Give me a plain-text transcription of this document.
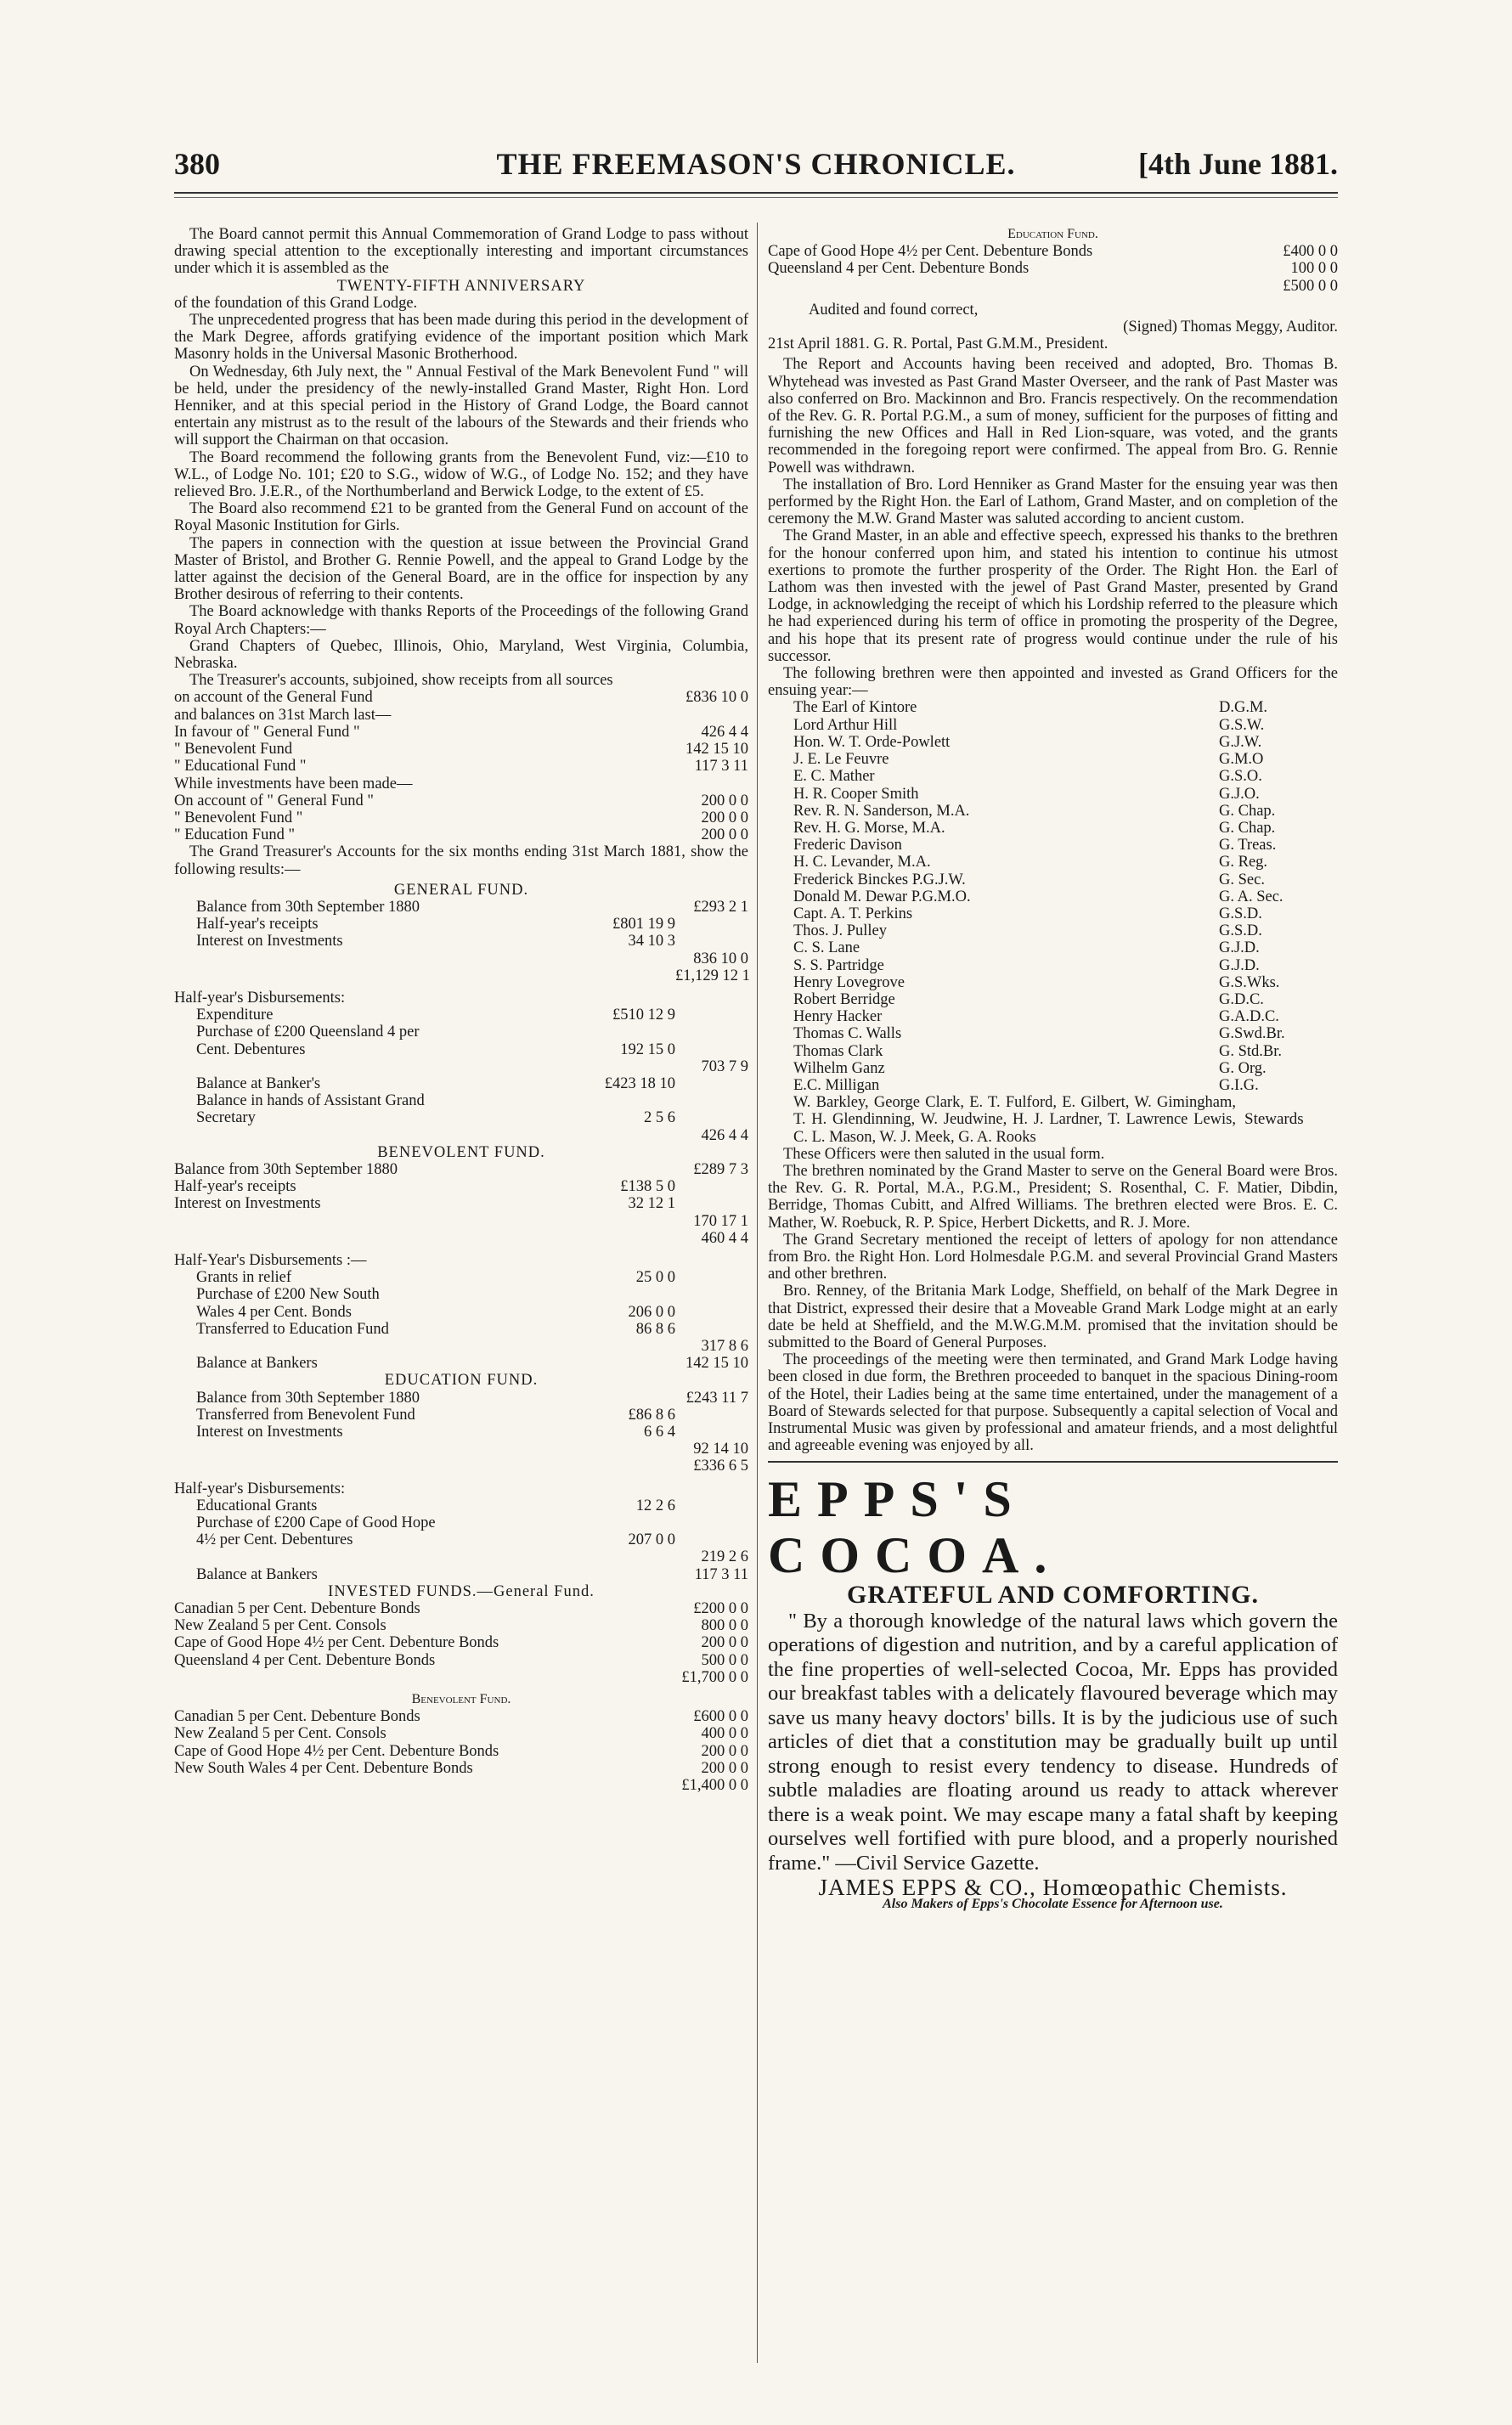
380	THE FREEMASON'S CHRONICLE.	[4th June 1881.

The Board cannot permit this Annual Commemoration of Grand Lodge to pass without drawing special attention to the exceptionally interesting and important circumstances under which it is assembled as the

TWENTY-FIFTH ANNIVERSARY

of the foundation of this Grand Lodge.

The unprecedented progress that has been made during this period in the development of the Mark Degree, affords gratifying evidence of the important position which Mark Masonry holds in the Universal Masonic Brotherhood.

On Wednesday, 6th July next, the " Annual Festival of the Mark Benevolent Fund " will be held, under the presidency of the newly-installed Grand Master, Right Hon. Lord Henniker, and at this special period in the History of Grand Lodge, the Board cannot entertain any mistrust as to the result of the labours of the Stewards and their friends who will support the Chairman on that occasion.

The Board recommend the following grants from the Benevolent Fund, viz:—£10 to W.L., of Lodge No. 101; £20 to S.G., widow of W.G., of Lodge No. 152; and they have relieved Bro. J.E.R., of the Northumberland and Berwick Lodge, to the extent of £5.

The Board also recommend £21 to be granted from the General Fund on account of the Royal Masonic Institution for Girls.

The papers in connection with the question at issue between the Provincial Grand Master of Bristol, and Brother G. Rennie Powell, and the appeal to Grand Lodge by the latter against the decision of the General Board, are in the office for inspection by any Brother desirous of referring to their contents.

The Board acknowledge with thanks Reports of the Proceedings of the following Grand Royal Arch Chapters:—

Grand Chapters of Quebec, Illinois, Ohio, Maryland, West Virginia, Columbia, Nebraska.

The Treasurer's accounts, subjoined, show receipts from all sources

on account of the General Fund	£836 10 0
and balances on 31st March last—
In favour of " General Fund "	426 4 4
" Benevolent Fund	142 15 10
" Educational Fund "	117 3 11
While investments have been made—
On account of " General Fund "	200 0 0
" Benevolent Fund "	200 0 0
" Education Fund "	200 0 0

The Grand Treasurer's Accounts for the six months ending 31st March 1881, show the following results:—

GENERAL FUND.

Balance from 30th September 1880	£293 2 1
Half-year's receipts	£801 19 9
Interest on Investments	34 10 3
836 10 0
£1,129 12 1

Half-year's Disbursements:

Expenditure	£510 12 9
Purchase of £200 Queensland 4 per
Cent. Debentures	192 15 0
703 7 9
Balance at Banker's	£423 18 10
Balance in hands of Assistant Grand
Secretary	2 5 6
426 4 4

BENEVOLENT FUND.

Balance from 30th September 1880	£289 7 3
Half-year's receipts	£138 5 0
Interest on Investments	32 12 1
170 17 1
460 4 4

Half-Year's Disbursements :—

Grants in relief	25 0 0
Purchase of £200 New South
Wales 4 per Cent. Bonds	206 0 0
Transferred to Education Fund	86 8 6
317 8 6
Balance at Bankers	142 15 10

EDUCATION FUND.

Balance from 30th September 1880	£243 11 7
Transferred from Benevolent Fund	£86 8 6
Interest on Investments	6 6 4
92 14 10
£336 6 5

Half-year's Disbursements:

Educational Grants	12 2 6
Purchase of £200 Cape of Good Hope
4½ per Cent. Debentures	207 0 0
219 2 6
Balance at Bankers	117 3 11

INVESTED FUNDS.—General Fund.

Canadian 5 per Cent. Debenture Bonds	£200 0 0
New Zealand 5 per Cent. Consols	800 0 0
Cape of Good Hope 4½ per Cent. Debenture Bonds	200 0 0
Queensland 4 per Cent. Debenture Bonds	500 0 0
£1,700 0 0

Benevolent Fund.

Canadian 5 per Cent. Debenture Bonds	£600 0 0
New Zealand 5 per Cent. Consols	400 0 0
Cape of Good Hope 4½ per Cent. Debenture Bonds	200 0 0
New South Wales 4 per Cent. Debenture Bonds	200 0 0
£1,400 0 0

Education Fund.

Cape of Good Hope 4½ per Cent. Debenture Bonds	£400 0 0
Queensland 4 per Cent. Debenture Bonds	100 0 0
£500 0 0

Audited and found correct,

(Signed) Thomas Meggy, Auditor.

21st April 1881. G. R. Portal, Past G.M.M., President.

The Report and Accounts having been received and adopted, Bro. Thomas B. Whytehead was invested as Past Grand Master Overseer, and the rank of Past Master was also conferred on Bro. Mackinnon and Bro. Francis respectively. On the recommendation of the Rev. G. R. Portal P.G.M., a sum of money, sufficient for the purposes of fitting and furnishing the new Offices and Hall in Red Lion-square, was voted, and the grants recommended in the foregoing report were confirmed. The appeal from Bro. G. Rennie Powell was withdrawn.

The installation of Bro. Lord Henniker as Grand Master for the ensuing year was then performed by the Right Hon. the Earl of Lathom, Grand Master, and on completion of the ceremony the M.W. Grand Master was saluted according to ancient custom.

The Grand Master, in an able and effective speech, expressed his thanks to the brethren for the honour conferred upon him, and stated his intention to continue his utmost exertions to promote the further prosperity of the Order. The Right Hon. the Earl of Lathom was then invested with the jewel of Past Grand Master, presented by Grand Lodge, in acknowledging the receipt of which his Lordship referred to the pleasure which he had experienced during his term of office in promoting the prosperity of the Degree, and his hope that its present rate of progress would continue under the rule of his successor.

The following brethren were then appointed and invested as Grand Officers for the ensuing year:—

The Earl of Kintore	D.G.M.
Lord Arthur Hill	G.S.W.
Hon. W. T. Orde-Powlett	G.J.W.
J. E. Le Feuvre	G.M.O
E. C. Mather	G.S.O.
H. R. Cooper Smith	G.J.O.
Rev. R. N. Sanderson, M.A.	G. Chap.
Rev. H. G. Morse, M.A.	G. Chap.
Frederic Davison	G. Treas.
H. C. Levander, M.A.	G. Reg.
Frederick Binckes P.G.J.W.	G. Sec.
Donald M. Dewar P.G.M.O.	G. A. Sec.
Capt. A. T. Perkins	G.S.D.
Thos. J. Pulley	G.S.D.
C. S. Lane	G.J.D.
S. S. Partridge	G.J.D.
Henry Lovegrove	G.S.Wks.
Robert Berridge	G.D.C.
Henry Hacker	G.A.D.C.
Thomas C. Walls	G.Swd.Br.
Thomas Clark	G. Std.Br.
Wilhelm Ganz	G. Org.
E.C. Milligan	G.I.G.

W. Barkley, George Clark, E. T. Fulford, E. Gilbert, W. Gimingham, T. H. Glendinning, W. Jeudwine, H. J. Lardner, T. Lawrence Lewis, C. L. Mason, W. J. Meek, G. A. Rooks

Stewards

These Officers were then saluted in the usual form.

The brethren nominated by the Grand Master to serve on the General Board were Bros. the Rev. G. R. Portal, M.A., P.G.M., President; S. Rosenthal, C. F. Matier, Dibdin, Berridge, Thomas Cubitt, and Alfred Williams. The brethren elected were Bros. E. C. Mather, W. Roebuck, R. P. Spice, Herbert Dicketts, and R. J. More.

The Grand Secretary mentioned the receipt of letters of apology for non attendance from Bro. the Right Hon. Lord Holmesdale P.G.M. and several Provincial Grand Masters and other brethren.

Bro. Renney, of the Britania Mark Lodge, Sheffield, on behalf of the Mark Degree in that District, expressed their desire that a Moveable Grand Mark Lodge might at an early date be held at Sheffield, and the M.W.G.M.M. promised that the invitation should be submitted to the Board of General Purposes.

The proceedings of the meeting were then terminated, and Grand Mark Lodge having been closed in due form, the Brethren proceeded to banquet in the spacious Dining-room of the Hotel, their Ladies being at the same time entertained, under the management of a Board of Stewards selected for that purpose. Subsequently a capital selection of Vocal and Instrumental Music was given by professional and amateur friends, and a most delightful and agreeable evening was enjoyed by all.

EPPS'S COCOA.
GRATEFUL AND COMFORTING.

" By a thorough knowledge of the natural laws which govern the operations of digestion and nutrition, and by a careful application of the fine properties of well-selected Cocoa, Mr. Epps has provided our breakfast tables with a delicately flavoured beverage which may save us many heavy doctors' bills. It is by the judicious use of such articles of diet that a constitution may be gradually built up until strong enough to resist every tendency to disease. Hundreds of subtle maladies are floating around us ready to attack wherever there is a weak point. We may escape many a fatal shaft by keeping ourselves well fortified with pure blood, and a properly nourished frame." —Civil Service Gazette.

JAMES EPPS & CO., Homœopathic Chemists.
Also Makers of Epps's Chocolate Essence for Afternoon use.
